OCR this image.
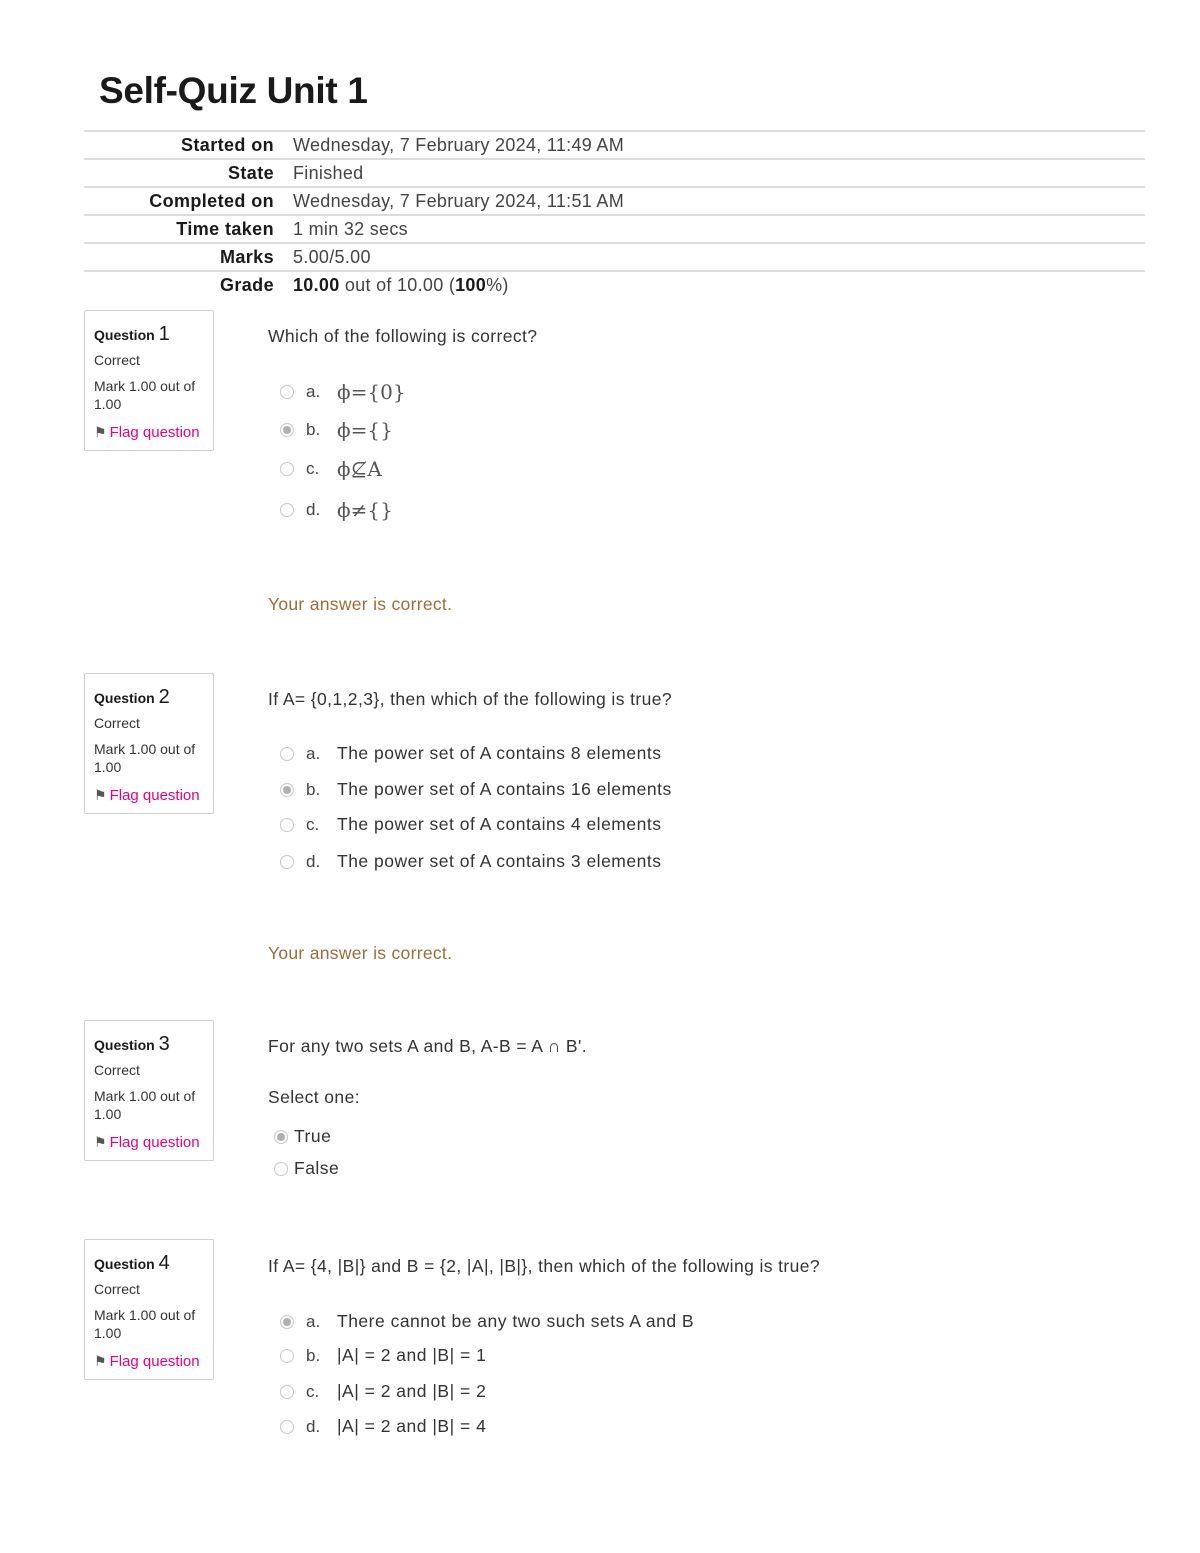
Self-Quiz Unit 1
Started on	Wednesday, 7 February 2024, 11:49 AM
State	Finished
Completed on	Wednesday, 7 February 2024, 11:51 AM
Time taken	1 min 32 secs
Marks	5.00/5.00
Grade	10.00 out of 10.00 (100%)
Question 1
Correct
Mark 1.00 out of 1.00
⚑ Flag question
Which of the following is correct?
a. ϕ={0}
b. ϕ={}
c. ϕ⊈A
d. ϕ≠{}
Your answer is correct.
Question 2
Correct
Mark 1.00 out of 1.00
⚑ Flag question
If A= {0,1,2,3}, then which of the following is true?
a. The power set of A contains 8 elements
b. The power set of A contains 16 elements
c.	The power set of A contains 4 elements
d. The power set of A contains 3 elements
Your answer is correct.
Question 3
Correct
Mark 1.00 out of 1.00
⚑ Flag question
For any two sets A and B, A-B = A ∩ B'.
Select one:
True
False
Question 4
Correct
Mark 1.00 out of 1.00
⚑ Flag question
If A= {4, |B|} and B = {2, |A|, |B|}, then which of the following is true?
a. There cannot be any two such sets A and B
b. |A| = 2 and |B| = 1
c.	|A| = 2 and |B| = 2
d. |A| = 2 and |B| = 4
